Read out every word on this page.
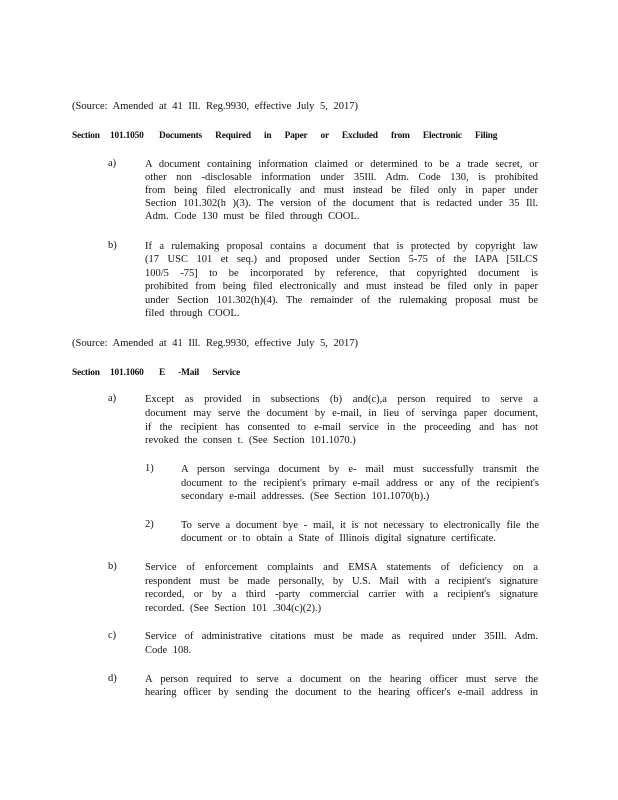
(Source: Amended at 41 Ill. Reg.9930, effective July 5, 2017)
Section 101.1050 Documents Required in Paper or Excluded from Electronic Filing
a)	A document containing information claimed or determined to be a trade secret, or
other non -disclosable information under 35Ill. Adm. Code 130, is prohibited
from being filed electronically and must instead be filed only in paper under
Section 101.302(h )(3). The version of the document that is redacted under 35 Ill.
Adm. Code 130 must be filed through COOL.
b)	If a rulemaking proposal contains a document that is protected by copyright law
(17 USC 101 et seq.) and proposed under Section 5-75 of the IAPA [5ILCS
100/5 -75] to be incorporated by reference, that copyrighted document is
prohibited from being filed electronically and must instead be filed only in paper
under Section 101.302(h)(4). The remainder of the rulemaking proposal must be
filed through COOL.
(Source: Amended at 41 Ill. Reg.9930, effective July 5, 2017)
Section 101.1060 E -Mail Service
a)	Except as provided in subsections (b) and(c),a person required to serve a
document may serve the document by e-mail, in lieu of servinga paper document,
if the recipient has consented to e-mail service in the proceeding and has not
revoked the consen t. (See Section 101.1070.)
1)	A person servinga document by e- mail must successfully transmit the
document to the recipient's primary e-mail address or any of the recipient's
secondary e-mail addresses. (See Section 101.1070(b).)
2)	To serve a document bye - mail, it is not necessary to electronically file the
document or to obtain a State of Illinois digital signature certificate.
b)	Service of enforcement complaints and EMSA statements of deficiency on a
respondent must be made personally, by U.S. Mail with a recipient's signature
recorded, or by a third -party commercial carrier with a recipient's signature
recorded. (See Section 101 .304(c)(2).)
c)	Service of administrative citations must be made as required under 35Ill. Adm.
Code 108.
d)	A person required to serve a document on the hearing officer must serve the
hearing officer by sending the document to the hearing officer's e-mail address in
